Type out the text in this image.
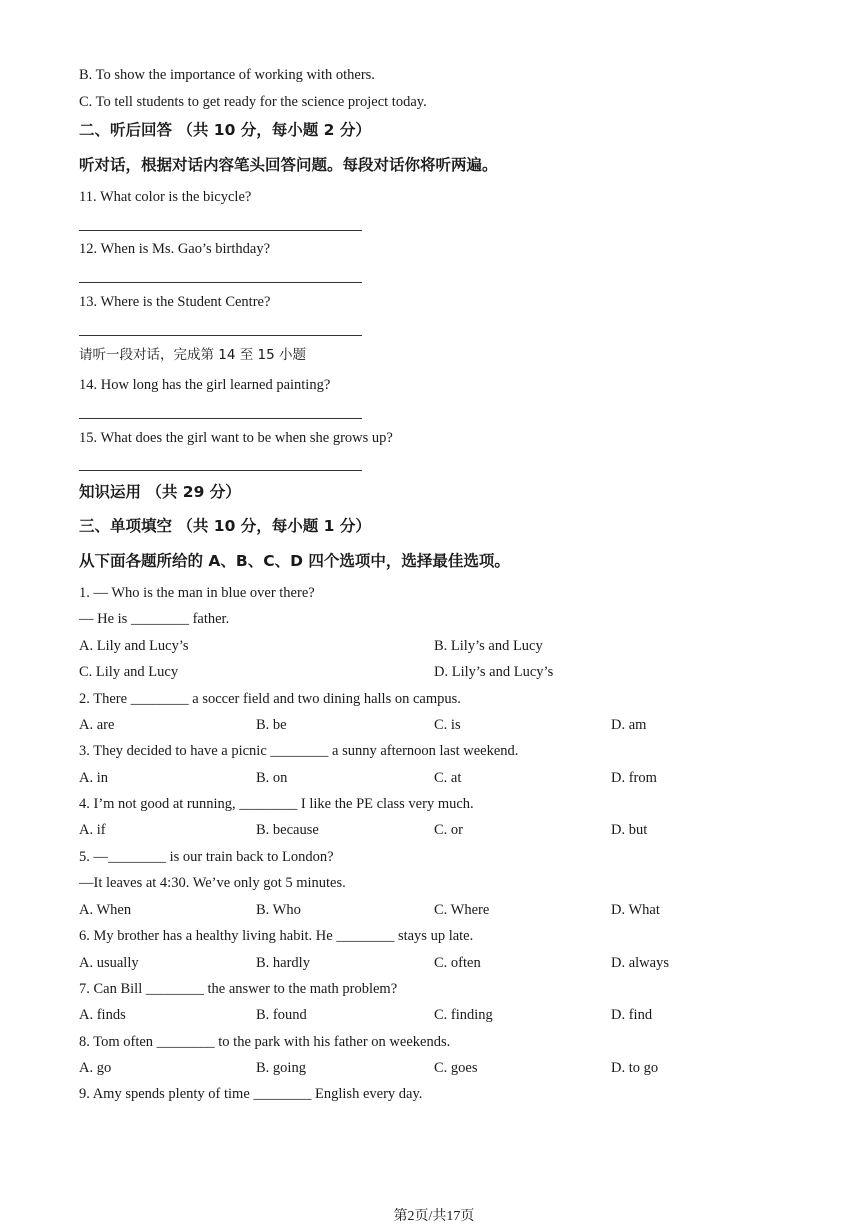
B. To show the importance of working with others.
C. To tell students to get ready for the science project today.
二、听后回答 （共 10 分，每小题 2 分）
听对话，根据对话内容笔头回答问题。每段对话你将听两遍。
11. What color is the bicycle?
12. When is Ms. Gao’s birthday?
13. Where is the Student Centre?
请听一段对话，完成第 14 至 15 小题
14. How long has the girl learned painting?
15. What does the girl want to be when she grows up?
知识运用 （共 29 分）
三、单项填空 （共 10 分，每小题 1 分）
从下面各题所给的 A、B、C、D 四个选项中，选择最佳选项。
1. — Who is the man in blue over there?
— He is ________ father.
A. Lily and Lucy’s	B. Lily’s and Lucy
C. Lily and Lucy	D. Lily’s and Lucy’s
2. There ________ a soccer field and two dining halls on campus.
A. are	B. be	C. is	D. am
3. They decided to have a picnic ________ a sunny afternoon last weekend.
A. in	B. on	C. at	D. from
4. I’m not good at running, ________ I like the PE class very much.
A. if	B. because	C. or	D. but
5. —________ is our train back to London?
—It leaves at 4:30. We’ve only got 5 minutes.
A. When	B. Who	C. Where	D. What
6. My brother has a healthy living habit. He ________ stays up late.
A. usually	B. hardly	C. often	D. always
7. Can Bill ________ the answer to the math problem?
A. finds	B. found	C. finding	D. find
8. Tom often ________ to the park with his father on weekends.
A. go	B. going	C. goes	D. to go
9. Amy spends plenty of time ________ English every day.
第2页/共17页
